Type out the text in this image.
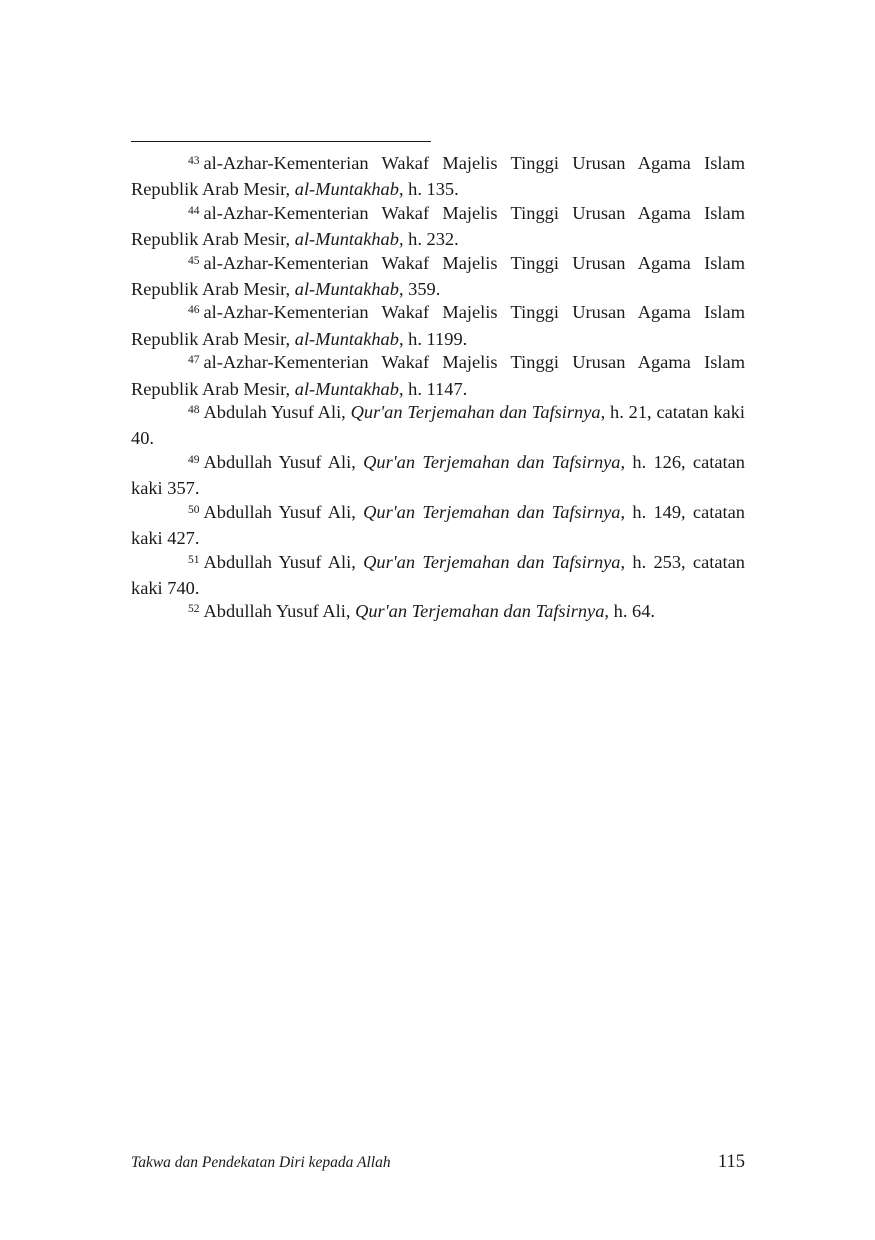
$^{43}$ al-Azhar-Kementerian Wakaf Majelis Tinggi Urusan Agama Islam Republik Arab Mesir, al-Muntakhab, h. 135.

$^{44}$ al-Azhar-Kementerian Wakaf Majelis Tinggi Urusan Agama Islam Republik Arab Mesir, al-Muntakhab, h. 232.

$^{45}$ al-Azhar-Kementerian Wakaf Majelis Tinggi Urusan Agama Islam Republik Arab Mesir, al-Muntakhab, 359.

$^{46}$ al-Azhar-Kementerian Wakaf Majelis Tinggi Urusan Agama Islam Republik Arab Mesir, al-Muntakhab, h. 1199.

$^{47}$ al-Azhar-Kementerian Wakaf Majelis Tinggi Urusan Agama Islam Republik Arab Mesir, al-Muntakhab, h. 1147.

$^{48}$ Abdulah Yusuf Ali, Qur'an Terjemahan dan Tafsirnya, h. 21, catatan kaki 40.

$^{49}$ Abdullah Yusuf Ali, Qur'an Terjemahan dan Tafsirnya, h. 126, catatan kaki 357.

$^{50}$ Abdullah Yusuf Ali, Qur'an Terjemahan dan Tafsirnya, h. 149, catatan kaki 427.

$^{51}$ Abdullah Yusuf Ali, Qur'an Terjemahan dan Tafsirnya, h. 253, catatan kaki 740.

$^{52}$ Abdullah Yusuf Ali, Qur'an Terjemahan dan Tafsirnya, h. 64.

Takwa dan Pendekatan Diri kepada Allah	115
